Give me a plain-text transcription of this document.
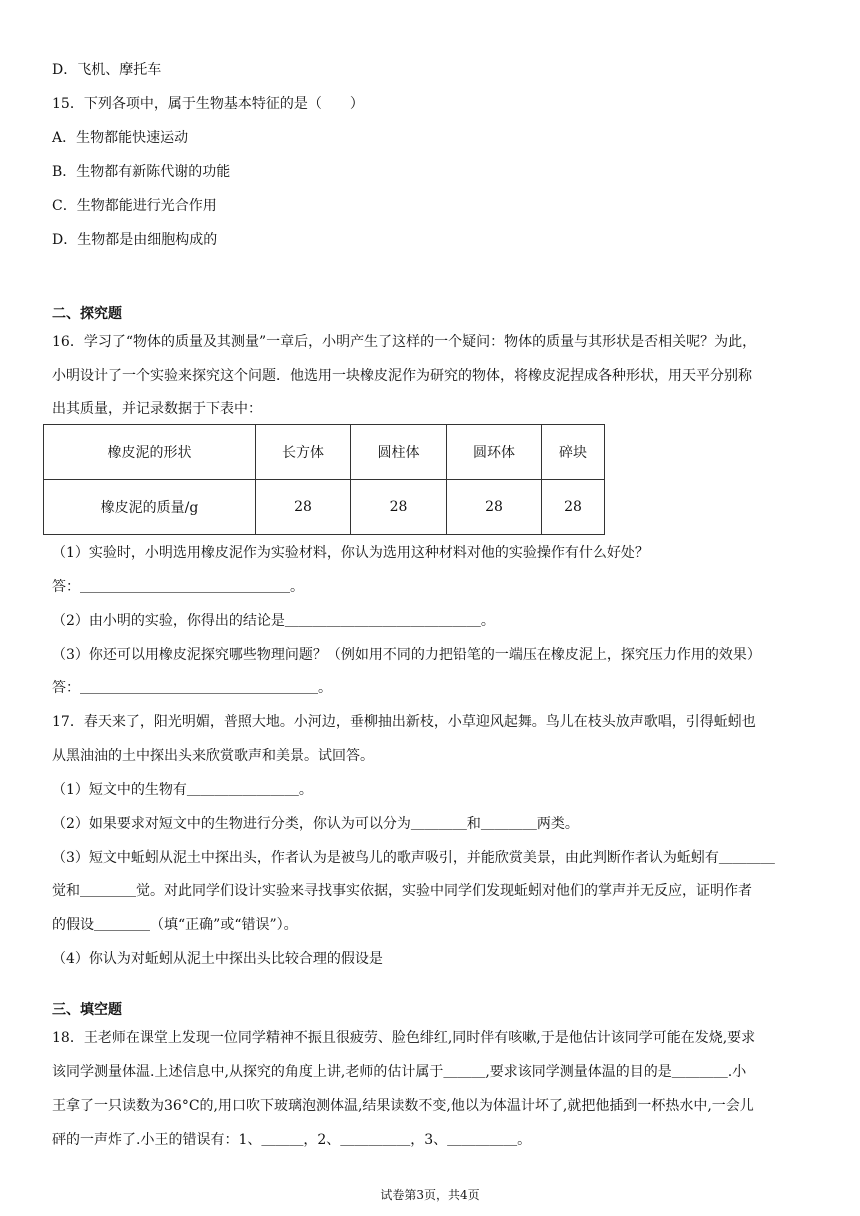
D．飞机、摩托车
15．下列各项中，属于生物基本特征的是（　　）
A．生物都能快速运动
B．生物都有新陈代谢的功能
C．生物都能进行光合作用
D．生物都是由细胞构成的
二、探究题
16．学习了“物体的质量及其测量”一章后，小明产生了这样的一个疑问：物体的质量与其形状是否相关呢？为此，
小明设计了一个实验来探究这个问题．他选用一块橡皮泥作为研究的物体，将橡皮泥捏成各种形状，用天平分别称
出其质量，并记录数据于下表中：
橡皮泥的形状	长方体	圆柱体	圆环体	碎块
橡皮泥的质量/g	28	28	28	28
（1）实验时，小明选用橡皮泥作为实验材料，你认为选用这种材料对他的实验操作有什么好处？
答：＿＿＿＿＿＿＿＿＿＿＿＿＿＿＿。
（2）由小明的实验，你得出的结论是＿＿＿＿＿＿＿＿＿＿＿＿＿＿。
（3）你还可以用橡皮泥探究哪些物理问题？（例如用不同的力把铅笔的一端压在橡皮泥上，探究压力作用的效果）
答：＿＿＿＿＿＿＿＿＿＿＿＿＿＿＿＿＿。
17．春天来了，阳光明媚，普照大地。小河边，垂柳抽出新枝，小草迎风起舞。鸟儿在枝头放声歌唱，引得蚯蚓也
从黑油油的土中探出头来欣赏歌声和美景。试回答。
（1）短文中的生物有＿＿＿＿＿＿＿＿。
（2）如果要求对短文中的生物进行分类，你认为可以分为＿＿＿＿和＿＿＿＿两类。
（3）短文中蚯蚓从泥土中探出头，作者认为是被鸟儿的歌声吸引，并能欣赏美景，由此判断作者认为蚯蚓有＿＿＿＿
觉和＿＿＿＿觉。对此同学们设计实验来寻找事实依据，实验中同学们发现蚯蚓对他们的掌声并无反应，证明作者
的假设＿＿＿＿（填“正确”或“错误”）。
（4）你认为对蚯蚓从泥土中探出头比较合理的假设是
三、填空题
18．王老师在课堂上发现一位同学精神不振且很疲劳、脸色绯红,同时伴有咳嗽,于是他估计该同学可能在发烧,要求
该同学测量体温.上述信息中,从探究的角度上讲,老师的估计属于＿＿＿,要求该同学测量体温的目的是＿＿＿＿.小
王拿了一只读数为36°C的,用口吹下玻璃泡测体温,结果读数不变,他以为体温计坏了,就把他插到一杯热水中,一会儿
砰的一声炸了.小王的错误有：1、＿＿＿，2、＿＿＿＿＿，3、＿＿＿＿＿。
试卷第3页，共4页
